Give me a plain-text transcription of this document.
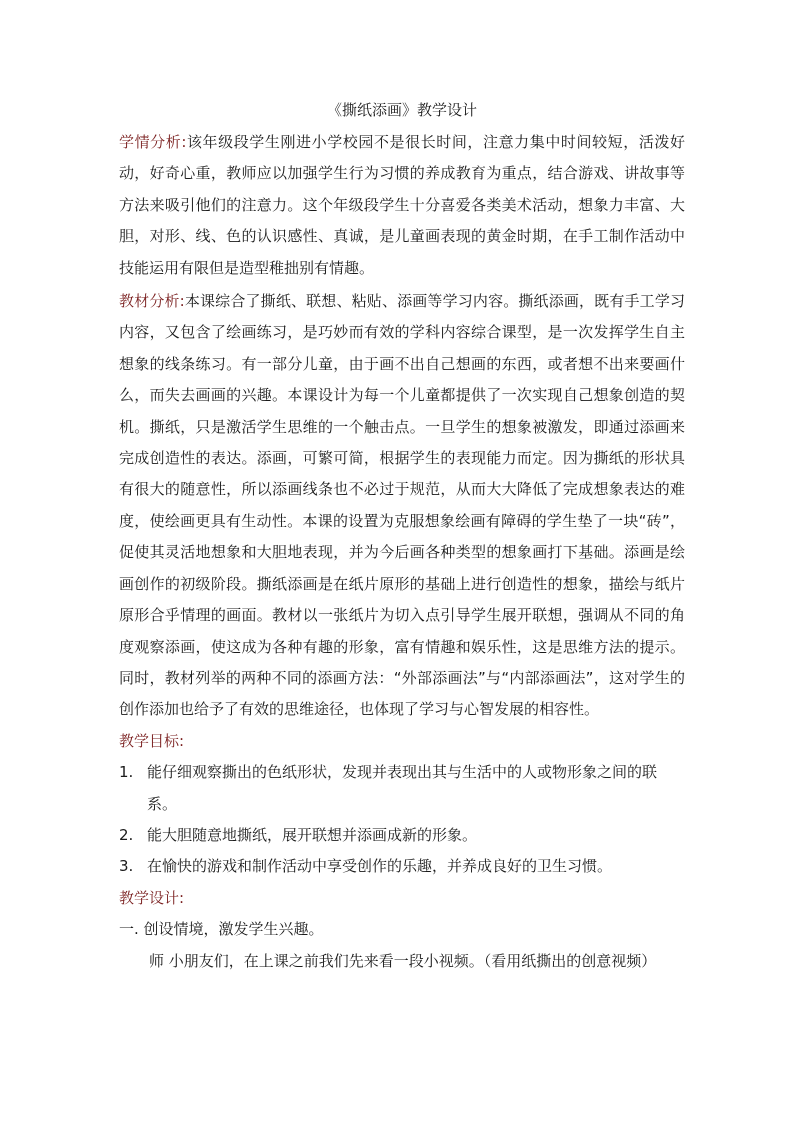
《撕纸添画》教学设计

学情分析:该年级段学生刚进小学校园不是很长时间，注意力集中时间较短，活泼好动，好奇心重，教师应以加强学生行为习惯的养成教育为重点，结合游戏、讲故事等方法来吸引他们的注意力。这个年级段学生十分喜爱各类美术活动，想象力丰富、大胆，对形、线、色的认识感性、真诚，是儿童画表现的黄金时期，在手工制作活动中技能运用有限但是造型稚拙别有情趣。

教材分析:本课综合了撕纸、联想、粘贴、添画等学习内容。撕纸添画，既有手工学习内容，又包含了绘画练习，是巧妙而有效的学科内容综合课型，是一次发挥学生自主想象的线条练习。有一部分儿童，由于画不出自己想画的东西，或者想不出来要画什么，而失去画画的兴趣。本课设计为每一个儿童都提供了一次实现自己想象创造的契机。撕纸，只是激活学生思维的一个触击点。一旦学生的想象被激发，即通过添画来完成创造性的表达。添画，可繁可简，根据学生的表现能力而定。因为撕纸的形状具有很大的随意性，所以添画线条也不必过于规范，从而大大降低了完成想象表达的难度，使绘画更具有生动性。本课的设置为克服想象绘画有障碍的学生垫了一块“砖”，促使其灵活地想象和大胆地表现，并为今后画各种类型的想象画打下基础。添画是绘画创作的初级阶段。撕纸添画是在纸片原形的基础上进行创造性的想象，描绘与纸片原形合乎情理的画面。教材以一张纸片为切入点引导学生展开联想，强调从不同的角度观察添画，使这成为各种有趣的形象，富有情趣和娱乐性，这是思维方法的提示。同时，教材列举的两种不同的添画方法：“外部添画法”与“内部添画法”，这对学生的创作添加也给予了有效的思维途径，也体现了学习与心智发展的相容性。

教学目标:

1. 能仔细观察撕出的色纸形状，发现并表现出其与生活中的人或物形象之间的联系。
2. 能大胆随意地撕纸，展开联想并添画成新的形象。
3. 在愉快的游戏和制作活动中享受创作的乐趣，并养成良好的卫生习惯。

教学设计:

一. 创设情境，激发学生兴趣。

师 小朋友们，在上课之前我们先来看一段小视频。（看用纸撕出的创意视频）
